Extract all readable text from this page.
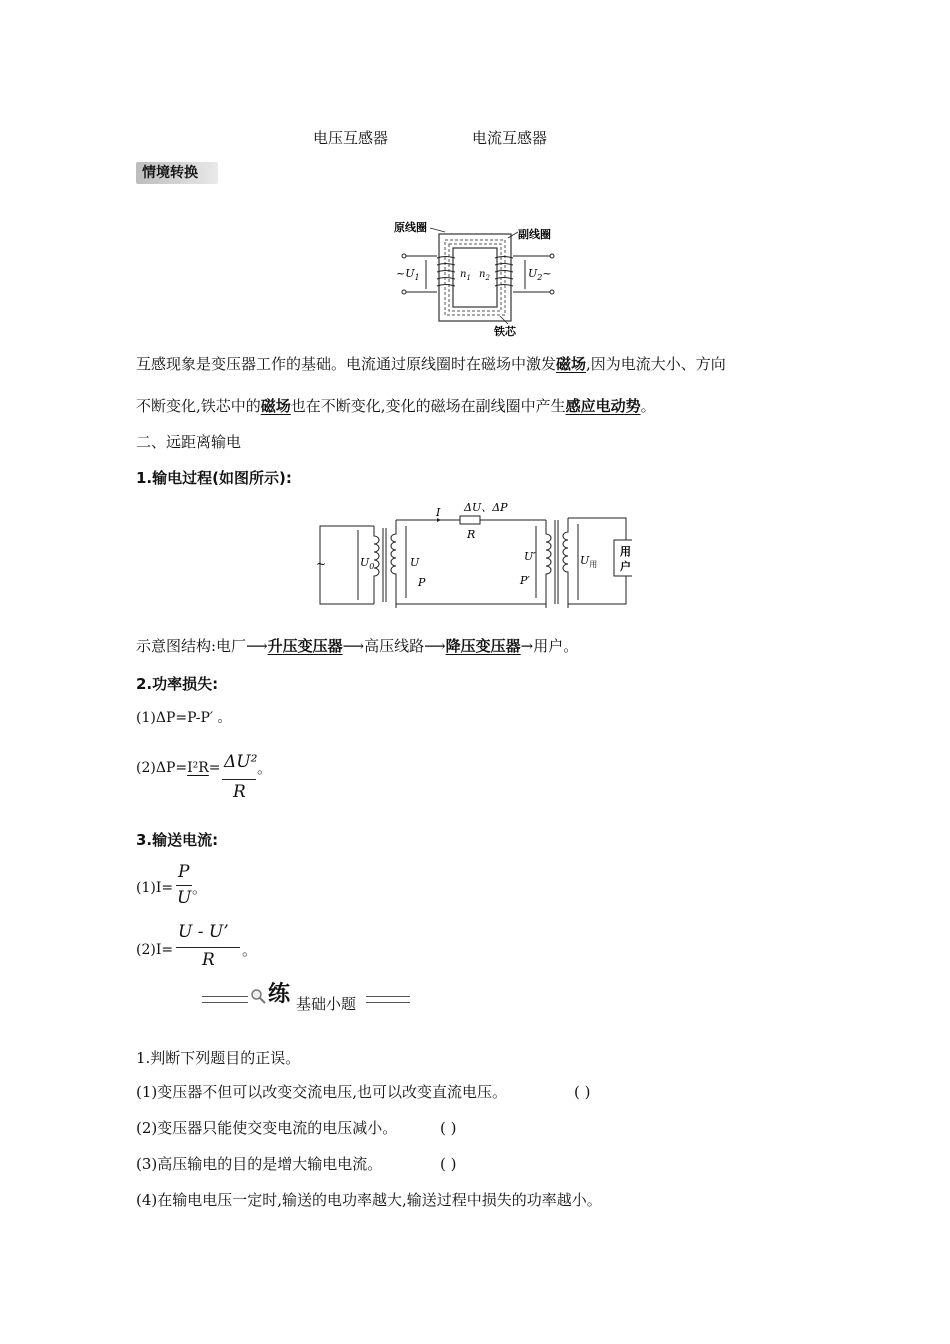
电压互感器	电流互感器
情境转换
原线圈
副线圈
铁芯
$\sim U_1$	$U_2\sim$
$n_1$ $n_2$
互感现象是变压器工作的基础。电流通过原线圈时在磁场中激发磁场,因为电流大小、方向
不断变化,铁芯中的磁场也在不断变化,变化的磁场在副线圈中产生感应电动势。
二、远距离输电
1.输电过程(如图所示):
I ΔU、ΔP
R
~	$U_0$	U
P
U′
P′
$U_用$
用
户
示意图结构:电厂⟶升压变压器⟶高压线路⟶降压变压器→用户。
2.功率损失:
(1)ΔP=P-P′ 。
(2)ΔP=I²R= ΔU²
R
。
3.输送电流:
(1)I=
P
U 。
(2)I=
U - U’
R 。
练 基础小题
1.判断下列题目的正误。
(1)变压器不但可以改变交流电压,也可以改变直流电压。	( )
(2)变压器只能使交变电流的电压减小。	( )
(3)高压输电的目的是增大输电电流。	( )
(4)在输电电压一定时,输送的电功率越大,输送过程中损失的功率越小。
